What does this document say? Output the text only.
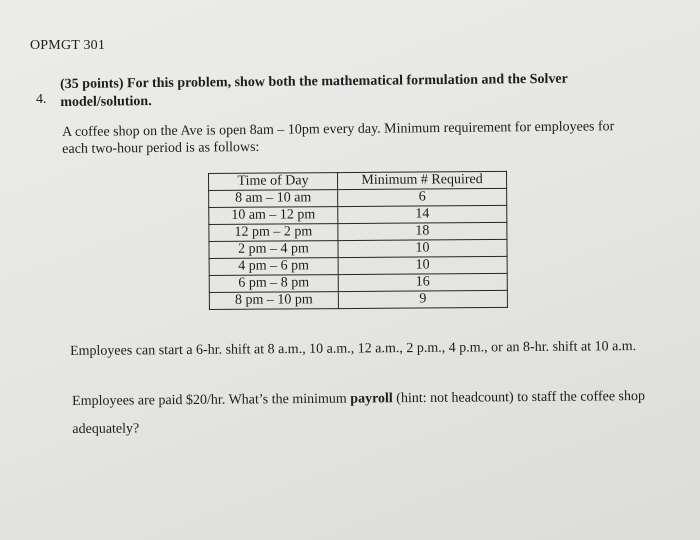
OPMGT 301
4.
(35 points) For this problem, show both the mathematical formulation and the Solver
model/solution.
A coffee shop on the Ave is open 8am – 10pm every day. Minimum requirement for employees for
each two-hour period is as follows:
Time of Day	Minimum # Required
8 am – 10 am	6
10 am – 12 pm	14
12 pm – 2 pm	18
2 pm – 4 pm	10
4 pm – 6 pm	10
6 pm – 8 pm	16
8 pm – 10 pm	9
Employees can start a 6-hr. shift at 8 a.m., 10 a.m., 12 a.m., 2 p.m., 4 p.m., or an 8-hr. shift at 10 a.m.
Employees are paid $20/hr. What’s the minimum payroll (hint: not headcount) to staff the coffee shop
adequately?
